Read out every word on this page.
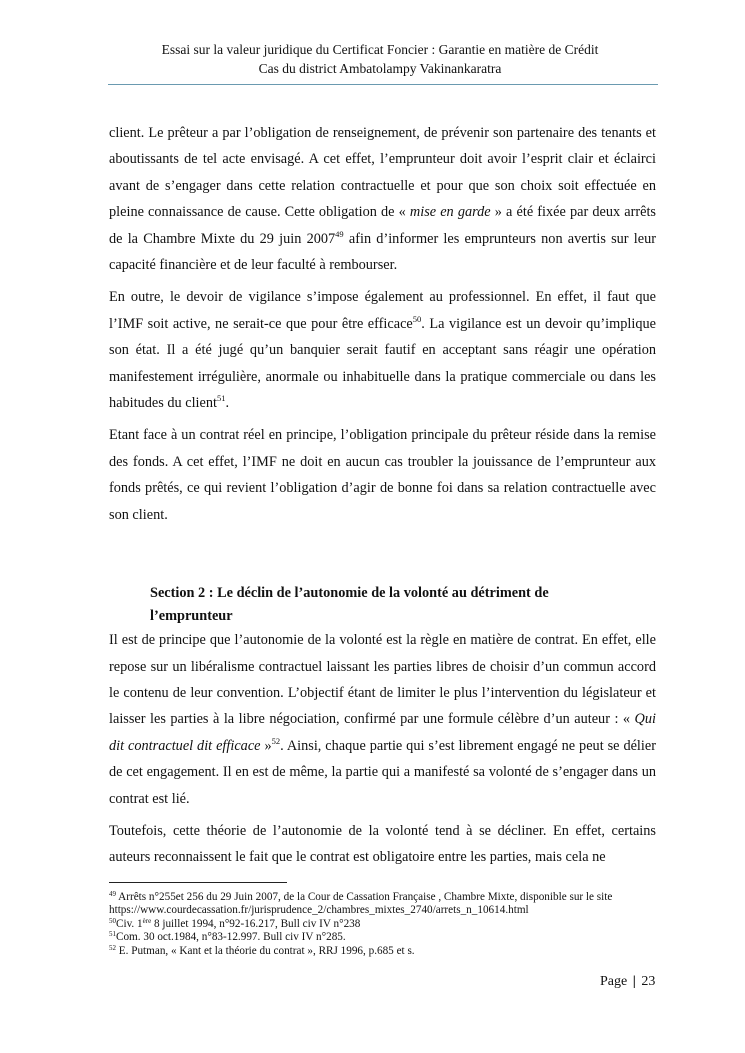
Essai sur la valeur juridique du Certificat Foncier : Garantie en matière de Crédit
Cas du district Ambatolampy Vakinankaratra

client. Le prêteur a par l’obligation de renseignement, de prévenir son partenaire des tenants et aboutissants de tel acte envisagé. A cet effet, l’emprunteur doit avoir l’esprit clair et éclairci avant de s’engager dans cette relation contractuelle et pour que son choix soit effectuée en pleine connaissance de cause. Cette obligation de « mise en garde » a été fixée par deux arrêts de la Chambre Mixte du 29 juin 2007$^{49}$ afin d’informer les emprunteurs non avertis sur leur capacité financière et de leur faculté à rembourser.

En outre, le devoir de vigilance s’impose également au professionnel. En effet, il faut que l’IMF soit active, ne serait-ce que pour être efficace$^{50}$. La vigilance est un devoir qu’implique son état. Il a été jugé qu’un banquier serait fautif en acceptant sans réagir une opération manifestement irrégulière, anormale ou inhabituelle dans la pratique commerciale ou dans les habitudes du client$^{51}$.

Etant face à un contrat réel en principe, l’obligation principale du prêteur réside dans la remise des fonds. A cet effet, l’IMF ne doit en aucun cas troubler la jouissance de l’emprunteur aux fonds prêtés, ce qui revient l’obligation d’agir de bonne foi dans sa relation contractuelle avec son client.

Section 2 : Le déclin de l’autonomie de la volonté au détriment de
l’emprunteur

Il est de principe que l’autonomie de la volonté est la règle en matière de contrat. En effet, elle repose sur un libéralisme contractuel laissant les parties libres de choisir d’un commun accord le contenu de leur convention. L’objectif étant de limiter le plus l’intervention du législateur et laisser les parties à la libre négociation, confirmé par une formule célèbre d’un auteur : « Qui dit contractuel dit efficace »$^{52}$. Ainsi, chaque partie qui s’est librement engagé ne peut se délier de cet engagement. Il en est de même, la partie qui a manifesté sa volonté de s’engager dans un contrat est lié.

Toutefois, cette théorie de l’autonomie de la volonté tend à se décliner. En effet, certains auteurs reconnaissent le fait que le contrat est obligatoire entre les parties, mais cela ne

$^{49}$ Arrêts n°255et 256 du 29 Juin 2007, de la Cour de Cassation Française , Chambre Mixte, disponible sur le site https://www.courdecassation.fr/jurisprudence_2/chambres_mixtes_2740/arrets_n_10614.html
$^{50}$Civ. 1ère 8 juillet 1994, n°92-16.217, Bull civ IV n°238
$^{51}$Com. 30 oct.1984, n°83-12.997. Bull civ IV n°285.
$^{52}$ E. Putman, « Kant et la théorie du contrat », RRJ 1996, p.685 et s.
Page | 23
